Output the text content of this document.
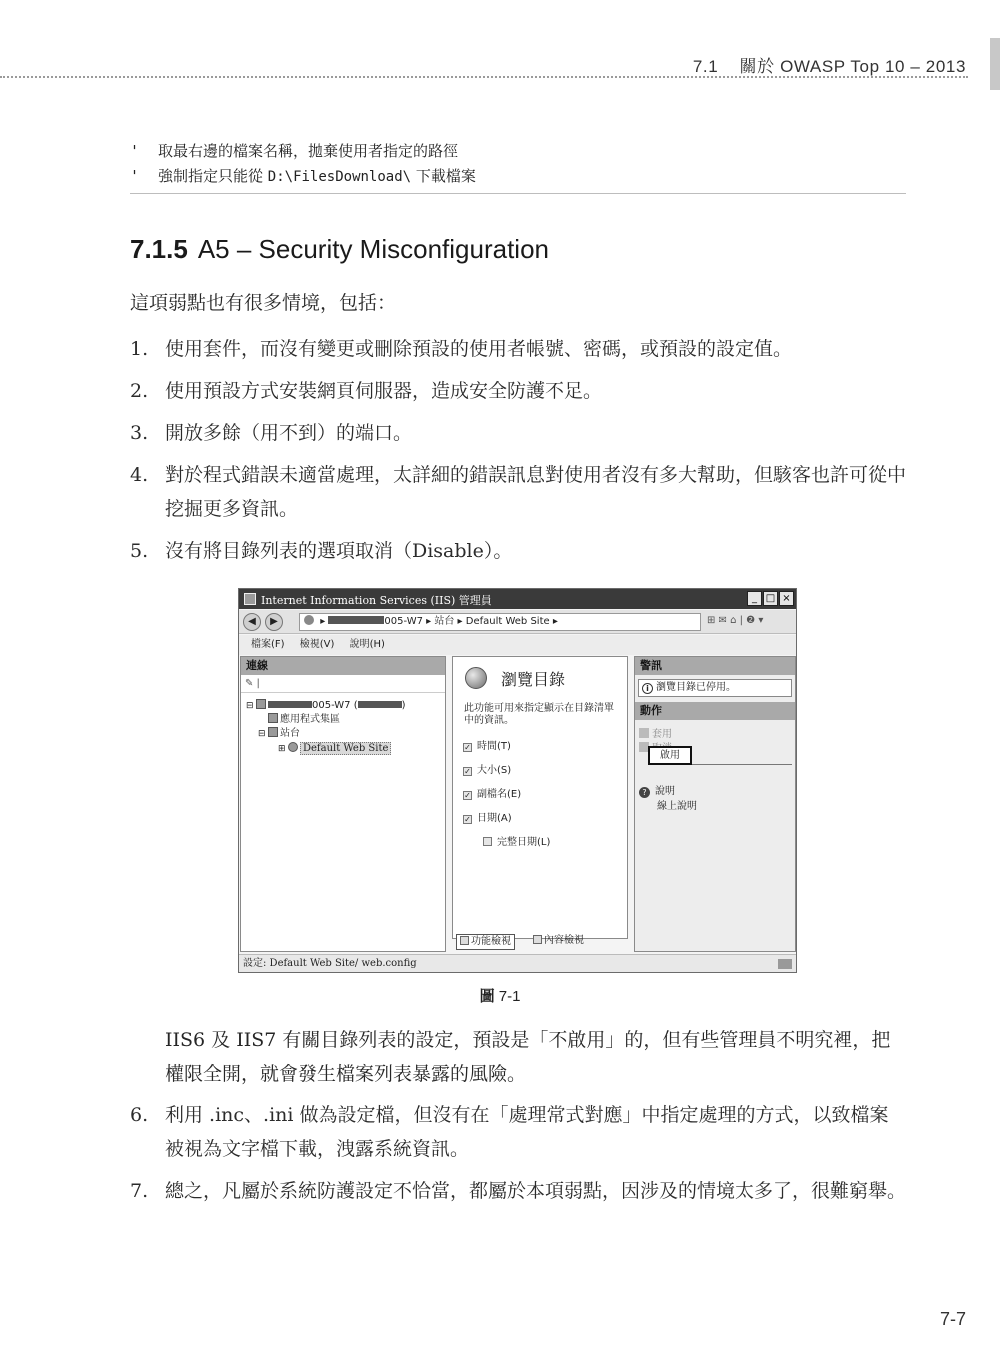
7.1 關於 OWASP Top 10 – 2013
' 取最右邊的檔案名稱，拋棄使用者指定的路徑
' 強制指定只能從 D:\FilesDownload\ 下載檔案
7.1.5 A5 – Security Misconfiguration
這項弱點也有很多情境，包括：
1. 使用套件，而沒有變更或刪除預設的使用者帳號、密碼，或預設的設定值。
2. 使用預設方式安裝網頁伺服器，造成安全防護不足。
3. 開放多餘（用不到）的端口。
4. 對於程式錯誤未適當處理，太詳細的錯誤訊息對使用者沒有多大幫助，但駭客也許可從中挖掘更多資訊。
5. 沒有將目錄列表的選項取消（Disable）。
Internet Information Services (IIS) 管理員	_ □ ×
◀	▶	▸	005-W7 ▸ 站台 ▸ Default Web Site ▸	⊞ ✉ ⌂ | ❷ ▾
檔案(F) 檢視(V) 說明(H)
連線
✎ |
⊟	005-W7 (	)
應用程式集區
⊟ 站台
⊞ Default Web Site
瀏覽目錄
此功能可用來指定顯示在目錄清單中的資訊。
✓ 時間(T)
✓ 大小(S)
✓ 副檔名(E)
✓ 日期(A)
完整日期(L)
功能檢視	內容檢視
警訊
i 瀏覽目錄已停用。
動作
套用
啟用
? 說明
線上說明
設定: Default Web Site/ web.config
圖 7-1
IIS6 及 IIS7 有關目錄列表的設定，預設是「不啟用」的，但有些管理員不明究裡，把權限全開，就會發生檔案列表暴露的風險。
6. 利用 .inc、.ini 做為設定檔，但沒有在「處理常式對應」中指定處理的方式，以致檔案被視為文字檔下載，洩露系統資訊。
7. 總之，凡屬於系統防護設定不恰當，都屬於本項弱點，因涉及的情境太多了，很難窮舉。
7-7
